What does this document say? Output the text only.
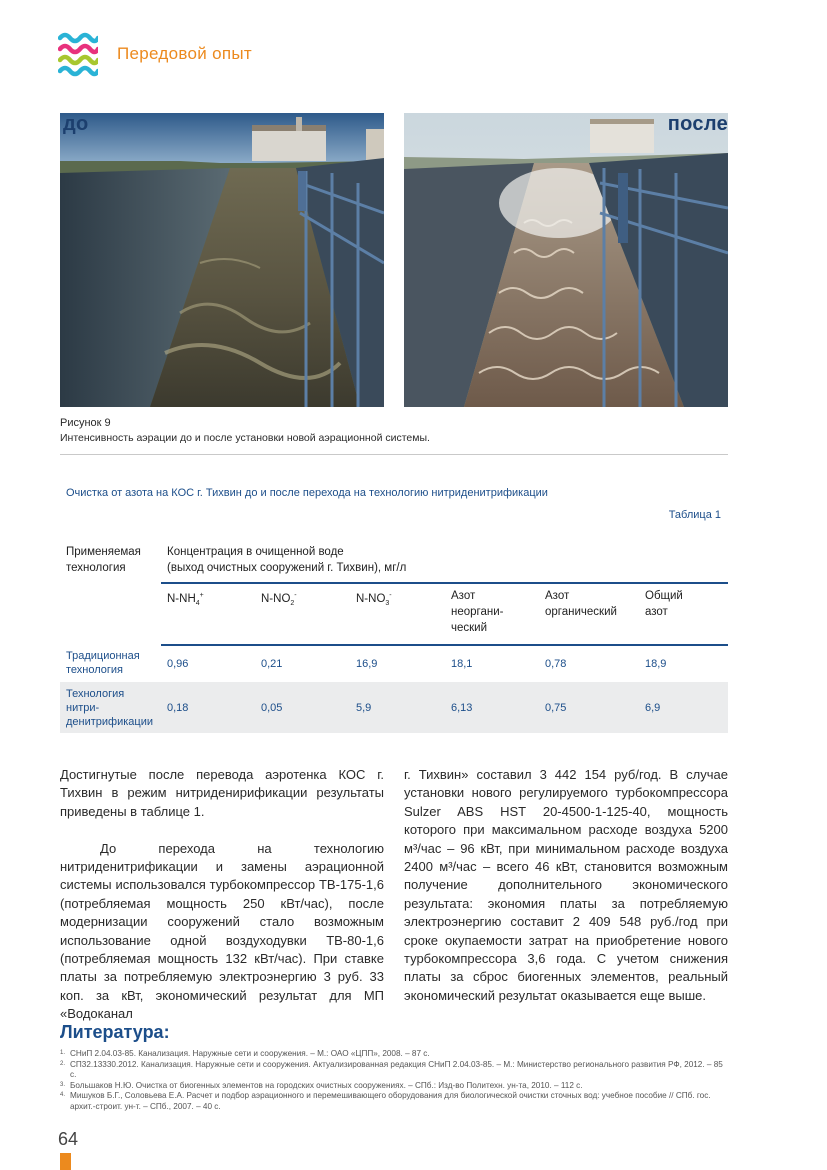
Передовой опыт
до	после
Рисунок 9
Интенсивность аэрации до и после установки новой аэрационной системы.
Очистка от азота на КОС г. Тихвин до и после перехода на технологию нитриденитрификации
Таблица 1
Применяемая технология	Концентрация в очищенной воде
(выход очистных сооружений г. Тихвин), мг/л					

	$N-NH_4^+$	$N-NO_2^-$	$N-NO_3^-$	Азот неоргани-ческий	Азот органический	Общий азот

Традиционная технология	0,96	0,21	16,9	18,1	0,78	18,9
Технология нитри-денитрификации	0,18	0,05	5,9	6,13	0,75	6,9

Достигнутые после перевода аэротенка КОС г. Тихвин в режим нитриденирификации результаты приведены в таблице 1.

До перехода на технологию нитриденитрификации и замены аэрационной системы использовался турбокомпрессор ТВ-175-1,6 (потребляемая мощность 250 кВт/час), после модернизации сооружений стало возможным использование одной воздуходувки ТВ-80-1,6 (потребляемая мощность 132 кВт/час). При ставке платы за потребляемую электроэнергию 3 руб. 33 коп. за кВт, экономический результат для МП «Водоканал

г. Тихвин» составил 3 442 154 руб/год. В случае установки нового регулируемого турбокомпрессора Sulzer ABS HST 20-4500-1-125-40, мощность которого при максимальном расходе воздуха 5200 м³/час – 96 кВт, при минимальном расходе воздуха 2400 м³/час – всего 46 кВт, становится возможным получение дополнительного экономического результата: экономия платы за потребляемую электроэнергию составит 2 409 548 руб./год при сроке окупаемости затрат на приобретение нового турбокомпрессора 3,6 года. С учетом снижения платы за сброс биогенных элементов, реальный экономический результат оказывается еще выше.

Литература:
1. СНиП 2.04.03-85. Канализация. Наружные сети и сооружения. – М.: ОАО «ЦПП», 2008. – 87 с.
2. СП32.13330.2012. Канализация. Наружные сети и сооружения. Актуализированная редакция СНиП 2.04.03-85. – М.: Министерство регионального развития РФ, 2012. – 85 с.
3. Большаков Н.Ю. Очистка от биогенных элементов на городских очистных сооружениях. – СПб.: Изд-во Политехн. ун-та, 2010. – 112 с.
4. Мишуков Б.Г., Соловьева Е.А. Расчет и подбор аэрационного и перемешивающего оборудования для биологической очистки сточных вод: учебное пособие // СПб. гос. архит.-строит. ун-т. – СПб., 2007. – 40 с.
64
